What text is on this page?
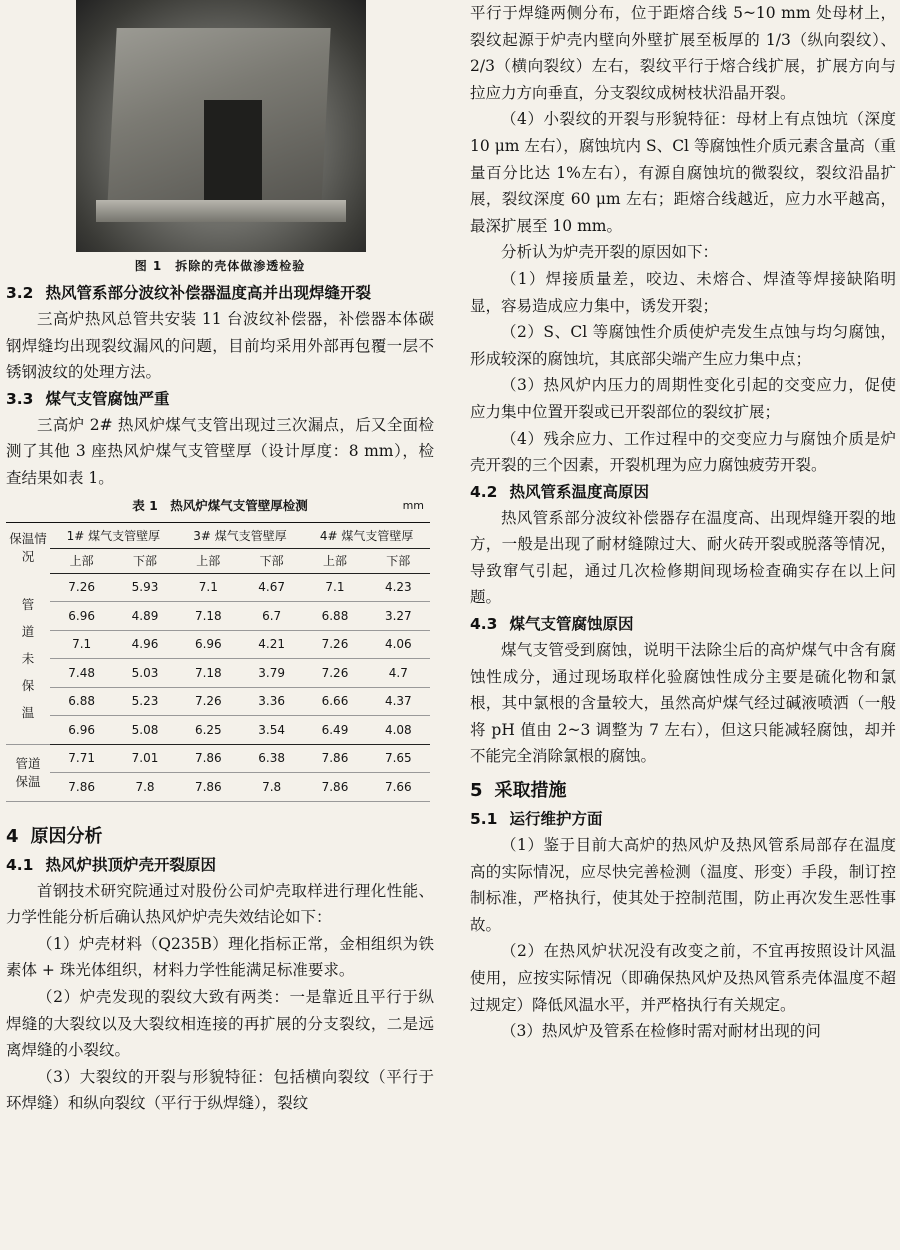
图 1　拆除的壳体做渗透检验
3.2 热风管系部分波纹补偿器温度高并出现焊缝开裂

三高炉热风总管共安装 11 台波纹补偿器，补偿器本体碳钢焊缝均出现裂纹漏风的问题，目前均采用外部再包覆一层不锈钢波纹的处理方法。

3.3 煤气支管腐蚀严重

三高炉 2# 热风炉煤气支管出现过三次漏点，后又全面检测了其他 3 座热风炉煤气支管壁厚（设计厚度：8 mm），检查结果如表 1。

表 1　热风炉煤气支管壁厚检测	mm
保温情况	1# 煤气支管壁厚		3# 煤气支管壁厚		4# 煤气支管壁厚	
	上部	下部	上部	下部	上部	下部

管
道
未
保
温	7.26	5.93	7.1	4.67	7.1	4.23
	6.96	4.89	7.18	6.7	6.88	3.27
	7.1	4.96	6.96	4.21	7.26	4.06
	7.48	5.03	7.18	3.79	7.26	4.7
	6.88	5.23	7.26	3.36	6.66	4.37
	6.96	5.08	6.25	3.54	6.49	4.08

管道
保温	7.71	7.01	7.86	6.38	7.86	7.65
	7.86	7.8	7.86	7.8	7.86	7.66
4 原因分析
4.1 热风炉拱顶炉壳开裂原因

首钢技术研究院通过对股份公司炉壳取样进行理化性能、力学性能分析后确认热风炉炉壳失效结论如下：

（1）炉壳材料（Q235B）理化指标正常，金相组织为铁素体 + 珠光体组织，材料力学性能满足标准要求。

（2）炉壳发现的裂纹大致有两类：一是靠近且平行于纵焊缝的大裂纹以及大裂纹相连接的再扩展的分支裂纹，二是远离焊缝的小裂纹。

（3）大裂纹的开裂与形貌特征：包括横向裂纹（平行于环焊缝）和纵向裂纹（平行于纵焊缝），裂纹

平行于焊缝两侧分布，位于距熔合线 5~10 mm 处母材上，裂纹起源于炉壳内壁向外壁扩展至板厚的 1/3（纵向裂纹）、2/3（横向裂纹）左右，裂纹平行于熔合线扩展，扩展方向与拉应力方向垂直，分支裂纹成树枝状沿晶开裂。

（4）小裂纹的开裂与形貌特征：母材上有点蚀坑（深度 10 μm 左右），腐蚀坑内 S、Cl 等腐蚀性介质元素含量高（重量百分比达 1%左右），有源自腐蚀坑的微裂纹，裂纹沿晶扩展，裂纹深度 60 μm 左右；距熔合线越近，应力水平越高，最深扩展至 10 mm。

分析认为炉壳开裂的原因如下：

（1）焊接质量差，咬边、未熔合、焊渣等焊接缺陷明显，容易造成应力集中，诱发开裂；

（2）S、Cl 等腐蚀性介质使炉壳发生点蚀与均匀腐蚀，形成较深的腐蚀坑，其底部尖端产生应力集中点；

（3）热风炉内压力的周期性变化引起的交变应力，促使应力集中位置开裂或已开裂部位的裂纹扩展；

（4）残余应力、工作过程中的交变应力与腐蚀介质是炉壳开裂的三个因素，开裂机理为应力腐蚀疲劳开裂。

4.2 热风管系温度高原因

热风管系部分波纹补偿器存在温度高、出现焊缝开裂的地方，一般是出现了耐材缝隙过大、耐火砖开裂或脱落等情况，导致窜气引起，通过几次检修期间现场检查确实存在以上问题。

4.3 煤气支管腐蚀原因

煤气支管受到腐蚀，说明干法除尘后的高炉煤气中含有腐蚀性成分，通过现场取样化验腐蚀性成分主要是硫化物和氯根，其中氯根的含量较大，虽然高炉煤气经过碱液喷洒（一般将 pH 值由 2~3 调整为 7 左右），但这只能减轻腐蚀，却并不能完全消除氯根的腐蚀。

5 采取措施
5.1 运行维护方面

（1）鉴于目前大高炉的热风炉及热风管系局部存在温度高的实际情况，应尽快完善检测（温度、形变）手段，制订控制标准，严格执行，使其处于控制范围，防止再次发生恶性事故。

（2）在热风炉状况没有改变之前，不宜再按照设计风温使用，应按实际情况（即确保热风炉及热风管系壳体温度不超过规定）降低风温水平，并严格执行有关规定。

（3）热风炉及管系在检修时需对耐材出现的问
